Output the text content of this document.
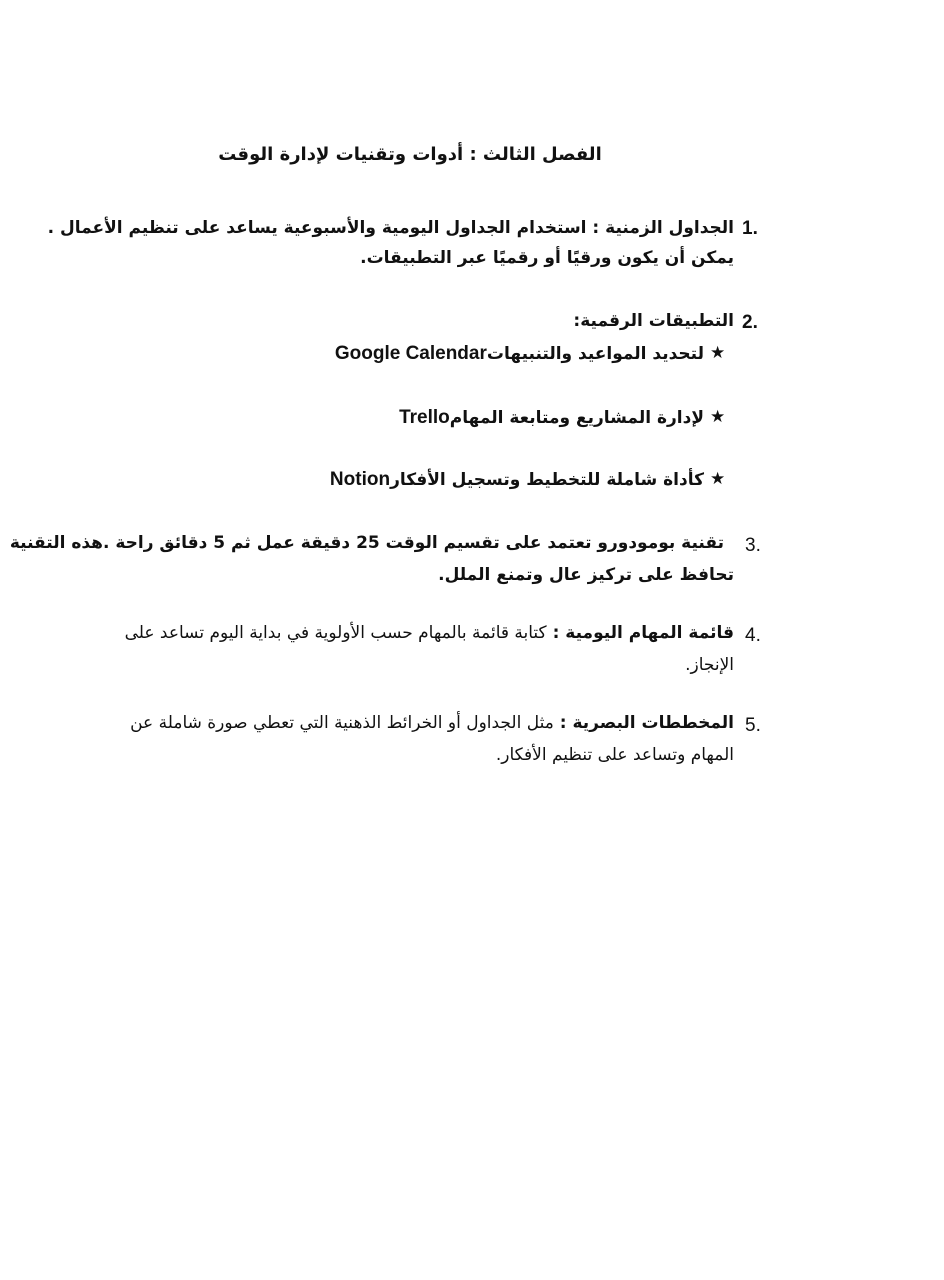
الفصل الثالث : أدوات وتقنيات لإدارة الوقت
1.
الجداول الزمنية : استخدام الجداول اليومية والأسبوعية يساعد على تنظيم الأعمال .
يمكن أن يكون ورقيًا أو رقميًا عبر التطبيقات.
2.
التطبيقات الرقمية:
★
لتحديد المواعيد والتنبيهاتGoogle Calendar
★
لإدارة المشاريع ومتابعة المهامTrello
★
كأداة شاملة للتخطيط وتسجيل الأفكارNotion
3.
تقنية بومودورو تعتمد على تقسيم الوقت 25 دقيقة عمل ثم 5 دقائق راحة .هذه التقنية
تحافظ على تركيز عال وتمنع الملل.
4.
قائمة المهام اليومية : كتابة قائمة بالمهام حسب الأولوية في بداية اليوم تساعد على
الإنجاز.
5.
المخططات البصرية : مثل الجداول أو الخرائط الذهنية التي تعطي صورة شاملة عن
المهام وتساعد على تنظيم الأفكار.
